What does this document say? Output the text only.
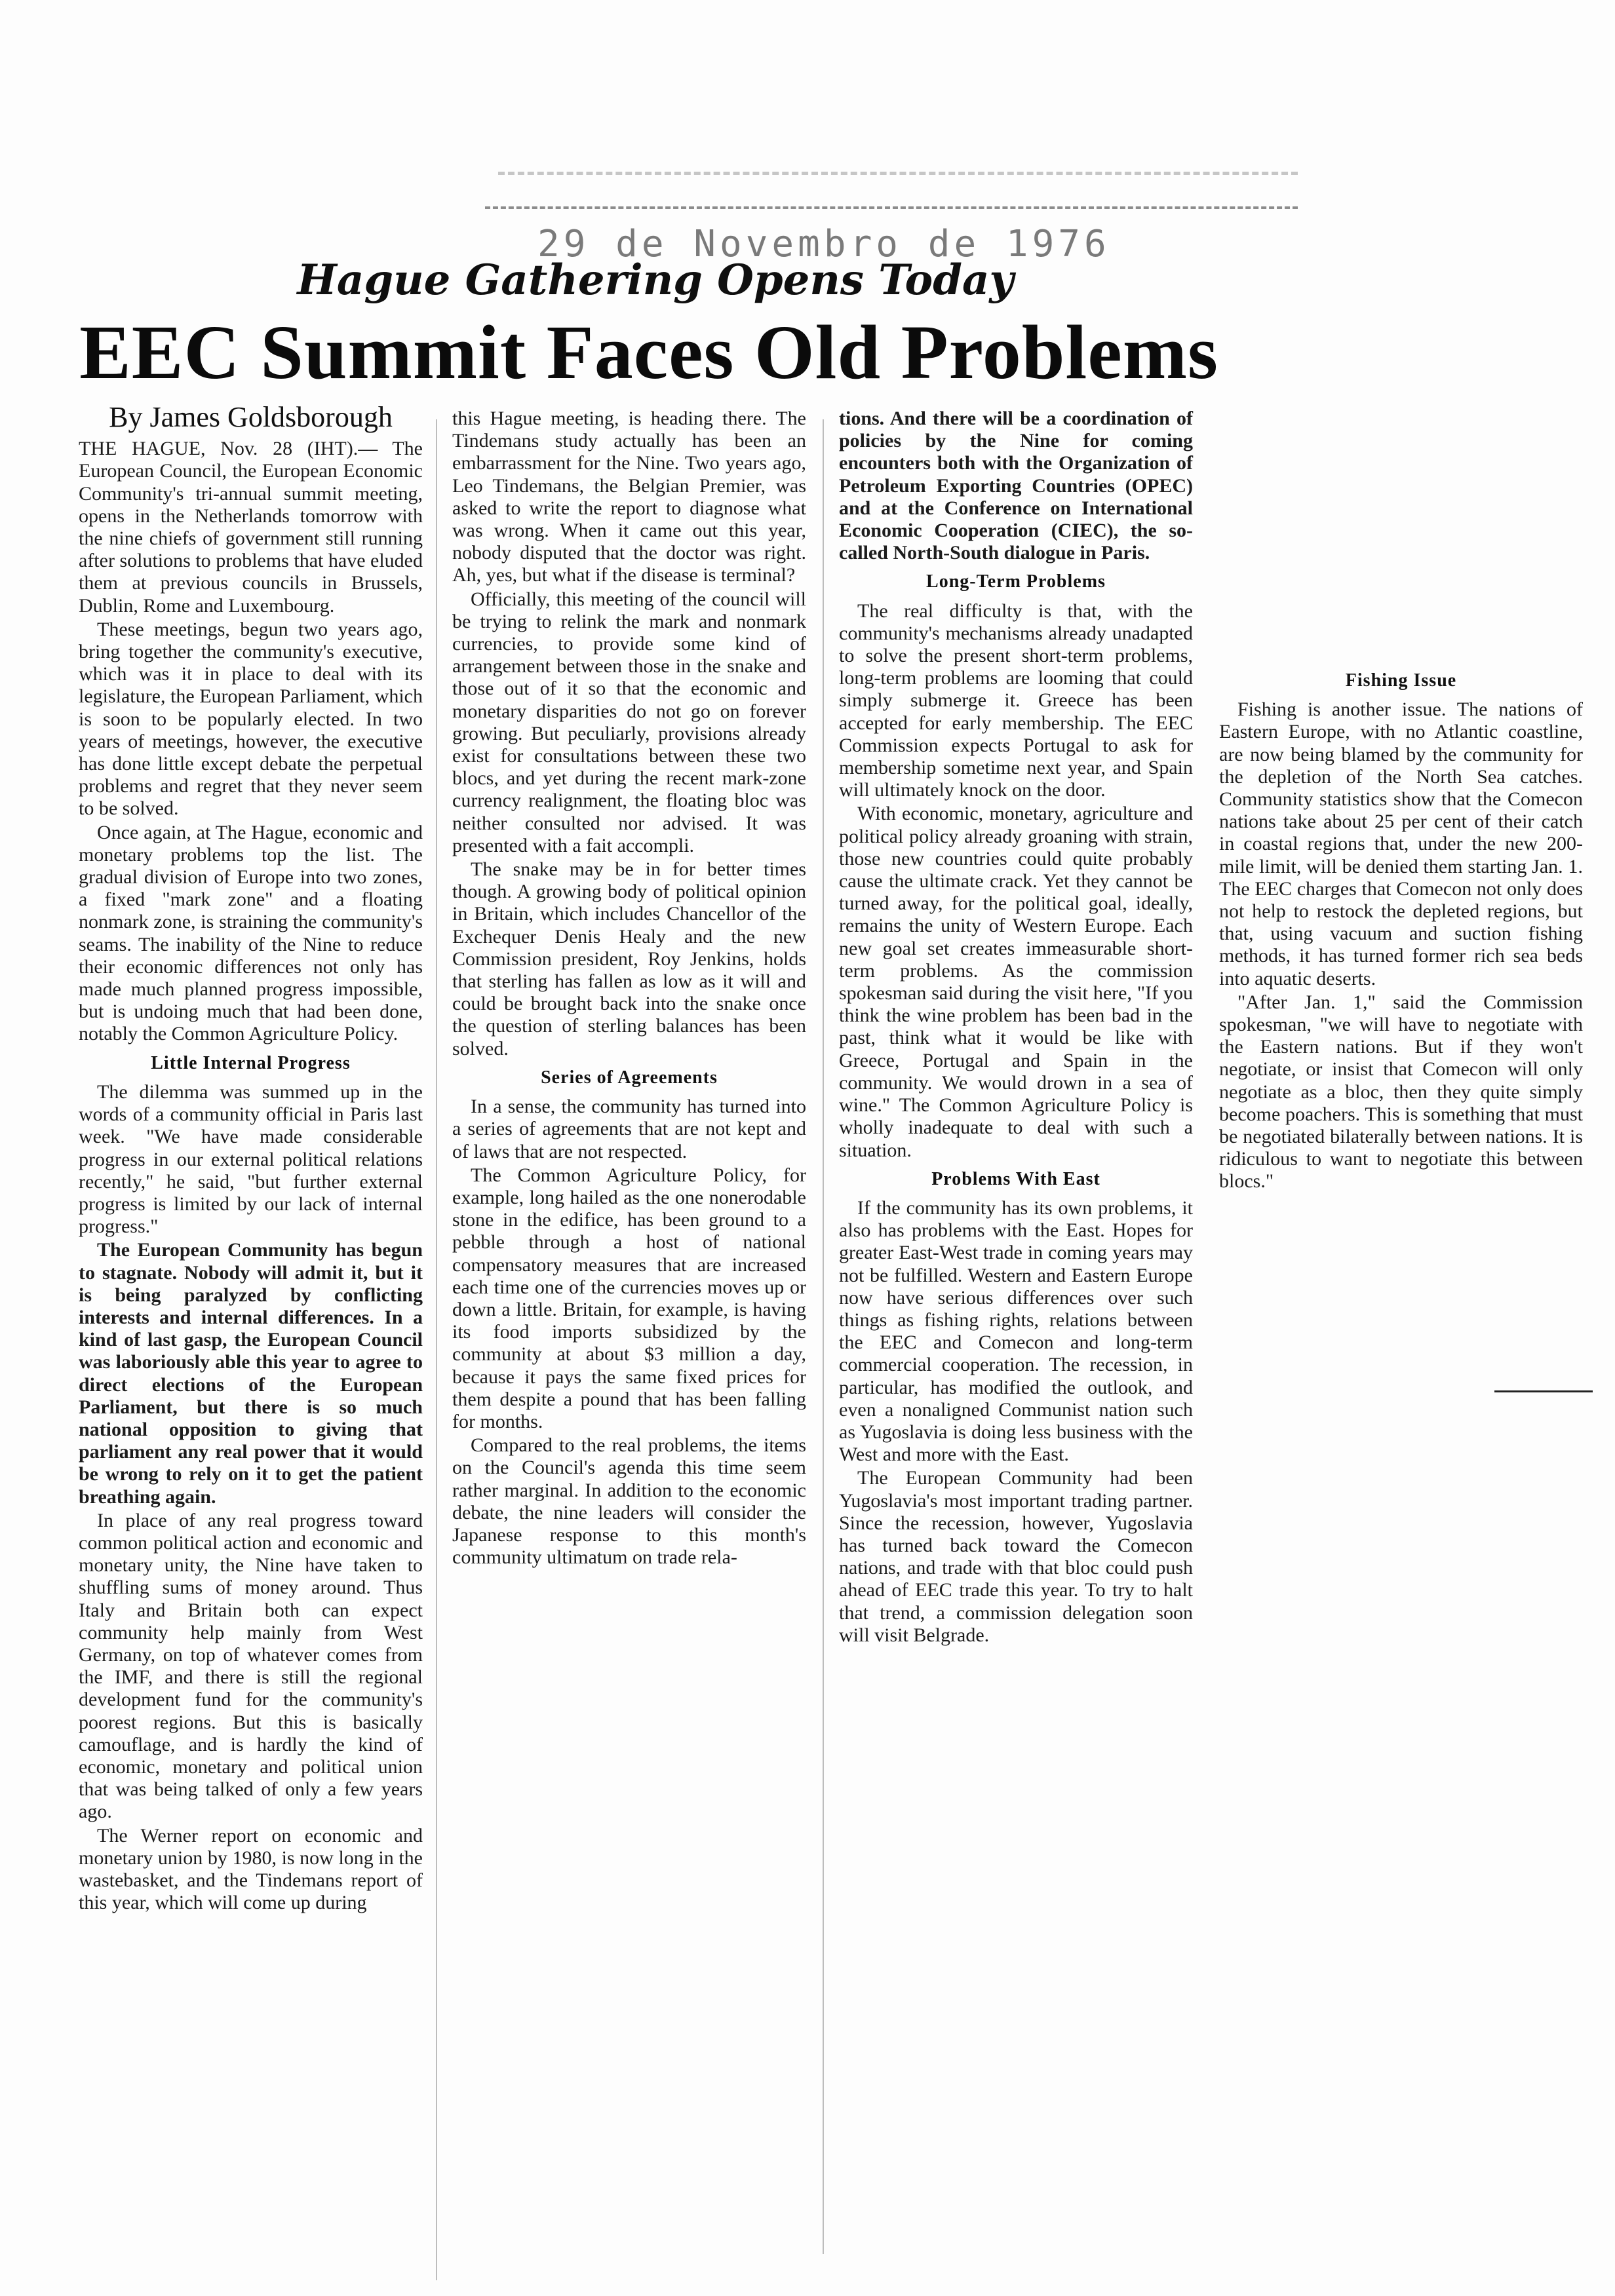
29 de Novembro de 1976
Hague Gathering Opens Today
EEC Summit Faces Old Problems
By James Goldsborough

THE HAGUE, Nov. 28 (IHT).— The European Council, the European Economic Community's tri-annual summit meeting, opens in the Netherlands tomorrow with the nine chiefs of government still running after solutions to problems that have eluded them at previous councils in Brussels, Dublin, Rome and Luxembourg.

These meetings, begun two years ago, bring together the community's executive, which was it in place to deal with its legislature, the European Parliament, which is soon to be popularly elected. In two years of meetings, however, the executive has done little except debate the perpetual problems and regret that they never seem to be solved.

Once again, at The Hague, economic and monetary problems top the list. The gradual division of Europe into two zones, a fixed "mark zone" and a floating nonmark zone, is straining the community's seams. The inability of the Nine to reduce their economic differences not only has made much planned progress impossible, but is undoing much that had been done, notably the Common Agriculture Policy.

Little Internal Progress

The dilemma was summed up in the words of a community official in Paris last week. "We have made considerable progress in our external political relations recently," he said, "but further external progress is limited by our lack of internal progress."

The European Community has begun to stagnate. Nobody will admit it, but it is being paralyzed by conflicting interests and internal differences. In a kind of last gasp, the European Council was laboriously able this year to agree to direct elections of the European Parliament, but there is so much national opposition to giving that parliament any real power that it would be wrong to rely on it to get the patient breathing again.

In place of any real progress toward common political action and economic and monetary unity, the Nine have taken to shuffling sums of money around. Thus Italy and Britain both can expect community help mainly from West Germany, on top of whatever comes from the IMF, and there is still the regional development fund for the community's poorest regions. But this is basically camouflage, and is hardly the kind of economic, monetary and political union that was being talked of only a few years ago.

The Werner report on economic and monetary union by 1980, is now long in the wastebasket, and the Tindemans report of this year, which will come up during

this Hague meeting, is heading there. The Tindemans study actually has been an embarrassment for the Nine. Two years ago, Leo Tindemans, the Belgian Premier, was asked to write the report to diagnose what was wrong. When it came out this year, nobody disputed that the doctor was right. Ah, yes, but what if the disease is terminal?

Officially, this meeting of the council will be trying to relink the mark and nonmark currencies, to provide some kind of arrangement between those in the snake and those out of it so that the economic and monetary disparities do not go on forever growing. But peculiarly, provisions already exist for consultations between these two blocs, and yet during the recent mark-zone currency realignment, the floating bloc was neither consulted nor advised. It was presented with a fait accompli.

The snake may be in for better times though. A growing body of political opinion in Britain, which includes Chancellor of the Exchequer Denis Healy and the new Commission president, Roy Jenkins, holds that sterling has fallen as low as it will and could be brought back into the snake once the question of sterling balances has been solved.

Series of Agreements

In a sense, the community has turned into a series of agreements that are not kept and of laws that are not respected.

The Common Agriculture Policy, for example, long hailed as the one nonerodable stone in the edifice, has been ground to a pebble through a host of national compensatory measures that are increased each time one of the currencies moves up or down a little. Britain, for example, is having its food imports subsidized by the community at about $3 million a day, because it pays the same fixed prices for them despite a pound that has been falling for months.

Compared to the real problems, the items on the Council's agenda this time seem rather marginal. In addition to the economic debate, the nine leaders will consider the Japanese response to this month's community ultimatum on trade rela-

tions. And there will be a coordination of policies by the Nine for coming encounters both with the Organization of Petroleum Exporting Countries (OPEC) and at the Conference on International Economic Cooperation (CIEC), the so-called North-South dialogue in Paris.

Long-Term Problems

The real difficulty is that, with the community's mechanisms already unadapted to solve the present short-term problems, long-term problems are looming that could simply submerge it. Greece has been accepted for early membership. The EEC Commission expects Portugal to ask for membership sometime next year, and Spain will ultimately knock on the door.

With economic, monetary, agriculture and political policy already groaning with strain, those new countries could quite probably cause the ultimate crack. Yet they cannot be turned away, for the political goal, ideally, remains the unity of Western Europe. Each new goal set creates immeasurable short-term problems. As the commission spokesman said during the visit here, "If you think the wine problem has been bad in the past, think what it would be like with Greece, Portugal and Spain in the community. We would drown in a sea of wine." The Common Agriculture Policy is wholly inadequate to deal with such a situation.

Problems With East

If the community has its own problems, it also has problems with the East. Hopes for greater East-West trade in coming years may not be fulfilled. Western and Eastern Europe now have serious differences over such things as fishing rights, relations between the EEC and Comecon and long-term commercial cooperation. The recession, in particular, has modified the outlook, and even a nonaligned Communist nation such as Yugoslavia is doing less business with the West and more with the East.

The European Community had been Yugoslavia's most important trading partner. Since the recession, however, Yugoslavia has turned back toward the Comecon nations, and trade with that bloc could push ahead of EEC trade this year. To try to halt that trend, a commission delegation soon will visit Belgrade.

Fishing Issue

Fishing is another issue. The nations of Eastern Europe, with no Atlantic coastline, are now being blamed by the community for the depletion of the North Sea catches. Community statistics show that the Comecon nations take about 25 per cent of their catch in coastal regions that, under the new 200-mile limit, will be denied them starting Jan. 1. The EEC charges that Comecon not only does not help to restock the depleted regions, but that, using vacuum and suction fishing methods, it has turned former rich sea beds into aquatic deserts.

"After Jan. 1," said the Commission spokesman, "we will have to negotiate with the Eastern nations. But if they won't negotiate, or insist that Comecon will only negotiate as a bloc, then they quite simply become poachers. This is something that must be negotiated bilaterally between nations. It is ridiculous to want to negotiate this between blocs."
